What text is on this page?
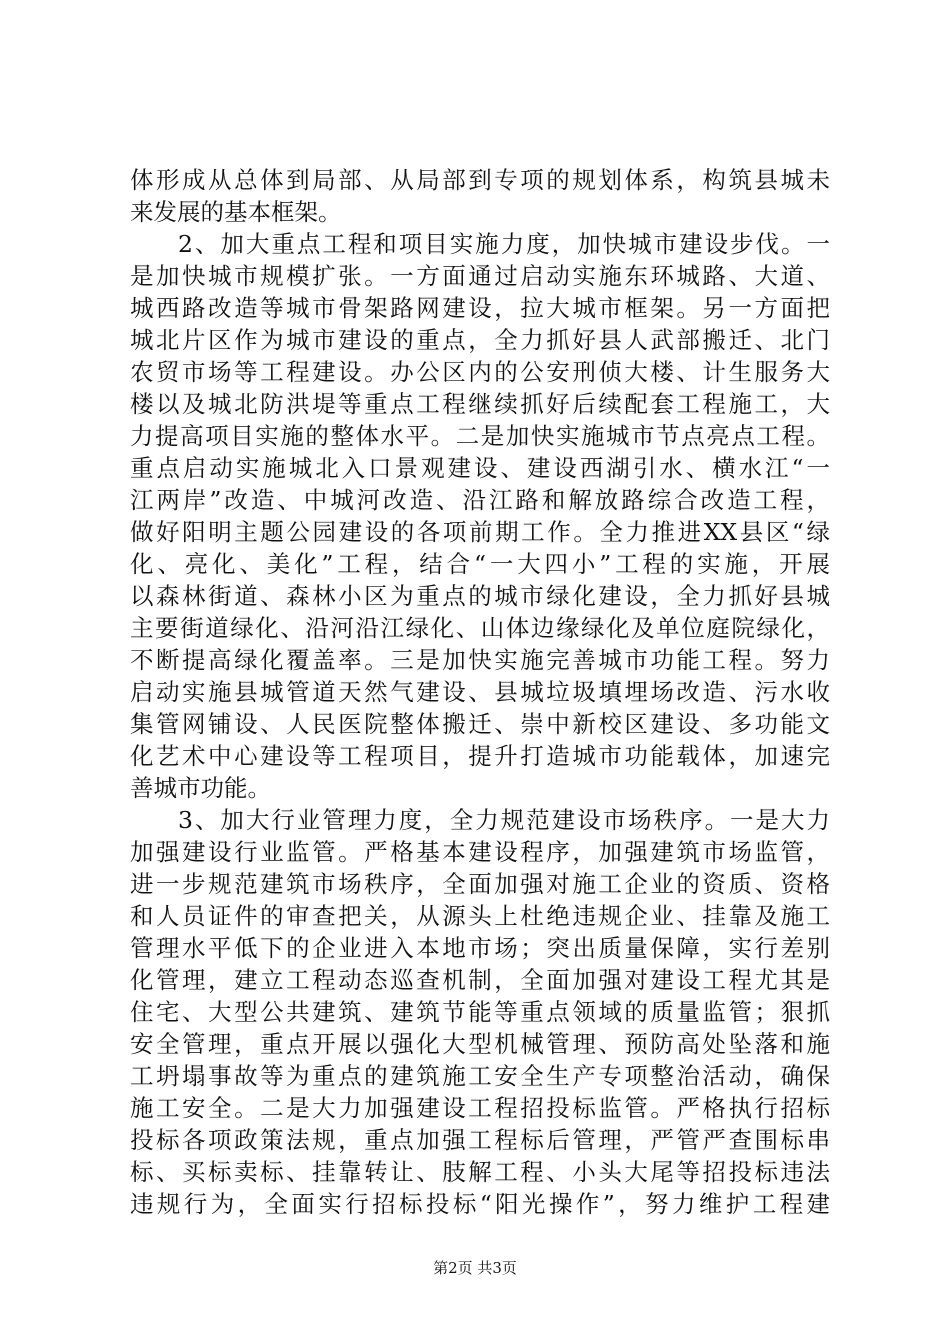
体形成从总体到局部、从局部到专项的规划体系，构筑县城未
来发展的基本框架。
2、加大重点工程和项目实施力度，加快城市建设步伐。一
是加快城市规模扩张。一方面通过启动实施东环城路、大道、
城西路改造等城市骨架路网建设，拉大城市框架。另一方面把
城北片区作为城市建设的重点，全力抓好县人武部搬迁、北门
农贸市场等工程建设。办公区内的公安刑侦大楼、计生服务大
楼以及城北防洪堤等重点工程继续抓好后续配套工程施工，大
力提高项目实施的整体水平。二是加快实施城市节点亮点工程。
重点启动实施城北入口景观建设、建设西湖引水、横水江“一
江两岸”改造、中城河改造、沿江路和解放路综合改造工程，
做好阳明主题公园建设的各项前期工作。全力推进XX县区“绿
化、亮化、美化”工程，结合“一大四小”工程的实施，开展
以森林街道、森林小区为重点的城市绿化建设，全力抓好县城
主要街道绿化、沿河沿江绿化、山体边缘绿化及单位庭院绿化，
不断提高绿化覆盖率。三是加快实施完善城市功能工程。努力
启动实施县城管道天然气建设、县城垃圾填埋场改造、污水收
集管网铺设、人民医院整体搬迁、崇中新校区建设、多功能文
化艺术中心建设等工程项目，提升打造城市功能载体，加速完
善城市功能。
3、加大行业管理力度，全力规范建设市场秩序。一是大力
加强建设行业监管。严格基本建设程序，加强建筑市场监管，
进一步规范建筑市场秩序，全面加强对施工企业的资质、资格
和人员证件的审查把关，从源头上杜绝违规企业、挂靠及施工
管理水平低下的企业进入本地市场；突出质量保障，实行差别
化管理，建立工程动态巡查机制，全面加强对建设工程尤其是
住宅、大型公共建筑、建筑节能等重点领域的质量监管；狠抓
安全管理，重点开展以强化大型机械管理、预防高处坠落和施
工坍塌事故等为重点的建筑施工安全生产专项整治活动，确保
施工安全。二是大力加强建设工程招投标监管。严格执行招标
投标各项政策法规，重点加强工程标后管理，严管严查围标串
标、买标卖标、挂靠转让、肢解工程、小头大尾等招投标违法
违规行为，全面实行招标投标“阳光操作”，努力维护工程建
第2页 共3页
